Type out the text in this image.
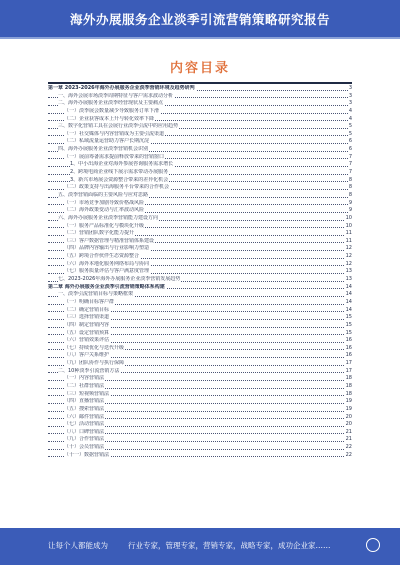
海外办展服务企业淡季引流营销策略研究报告
内容目录
第一章 2023-2026年海外办展服务企业淡季营销环境及趋势研判	3
一、海外会展市场淡季周期特征与客户需求波动分析	3
二、海外办展服务企业淡季经营现状及主要痛点	3
（一）淡季展会数量减少导致服务订单下滑	4
（二）企业获客成本上升与转化效率下降	4
三、数字化营销工具在会展行业淡季引流中的应用趋势	5
（一）社交媒体与内容营销成为主要引流渠道	5
（二）私域流量运营助力客户长期沉淀	6
四、海外办展服务企业淡季营销机会识别	6
（一）展前筹备需求提前释放带来的营销窗口	7
1、中小出海企业对海外参展咨询服务需求增长	7
2、跨境电商企业线下展示需求带动办展服务	7
3、新兴市场展会资源整合带来的差异化机会	8
（二）政策支持与出海服务平台带来的合作机会	8
五、淡季营销面临的主要风险与应对思路	8
（一）市场竞争加剧导致价格战风险	9
（二）海外政策变动与汇率波动风险	9
六、海外办展服务企业淡季营销能力建设方向	10
（一）服务产品标准化与模块化升级	10
（二）营销团队数字化能力提升	11
（三）客户数据管理与精准营销体系建设	11
（四）品牌内容输出与行业影响力塑造	12
（五）跨境合作伙伴生态资源整合	12
（六）海外本地化服务网络布局与协同	12
（七）服务质量评估与客户满意度管理	13
七、2023-2026年海外办展服务企业淡季营销发展趋势	13
第二章 海外办展服务企业淡季引流营销策略体系构建	14
一、淡季引流营销目标与策略框架	14
（一）明确目标客户群	14
（二）确定营销目标	14
（三）选择营销渠道	15
（四）制定营销内容	15
（五）设定营销预算	15
（六）营销效果评估	16
（七）持续优化与迭代升级	16
（八）客户关系维护	16
（九）团队协作与执行保障	17
二、10种淡季引流营销方法	17
（一）内容营销法	18
（二）社群营销法	18
（三）短视频营销法	18
（四）直播营销法	19
（五）搜索营销法	19
（六）邮件营销法	20
（七）活动营销法	20
（八）口碑营销法	21
（九）合作营销法	21
（十）会员营销法	22
（十一）数据营销法	22
让每个人都能成为	行业专家，管理专家，营销专家，战略专家，成功企业家……
